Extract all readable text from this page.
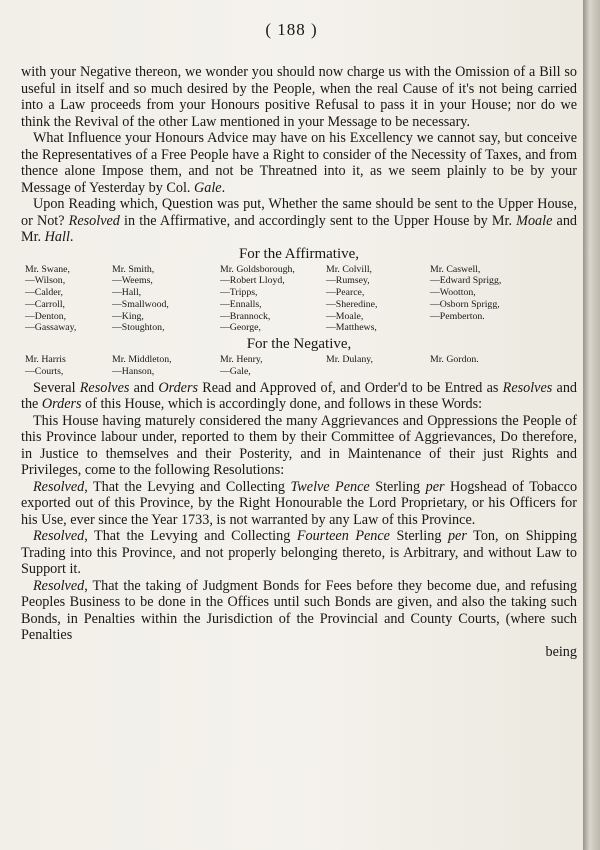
( 188 )

with your Negative thereon, we wonder you should now charge us with the Omission of a Bill so useful in itself and so much desired by the People, when the real Cause of it's not being carried into a Law proceeds from your Honours positive Refusal to pass it in your House; nor do we think the Revival of the other Law mentioned in your Message to be necessary.

What Influence your Honours Advice may have on his Excellency we cannot say, but conceive the Representatives of a Free People have a Right to consider of the Necessity of Taxes, and from thence alone Impose them, and not be Threatned into it, as we seem plainly to be by your Message of Yesterday by Col. Gale.

Upon Reading which, Question was put, Whether the same should be sent to the Upper House, or Not? Resolved in the Affirmative, and accordingly sent to the Upper House by Mr. Moale and Mr. Hall.

For the Affirmative,

Mr. Swane,
—Wilson,
—Calder,
—Carroll,
—Denton,
—Gassaway,
Mr. Smith,
—Weems,
—Hall,
—Smallwood,
—King,
—Stoughton,
Mr. Goldsborough,
—Robert Lloyd,
—Tripps,
—Ennalls,
—Brannock,
—George,
Mr. Colvill,
—Rumsey,
—Pearce,
—Sheredine,
—Moale,
—Matthews,
Mr. Caswell,
—Edward Sprigg,
—Wootton,
—Osborn Sprigg,
—Pemberton.

For the Negative,

Mr. Harris
—Courts,
Mr. Middleton,
—Hanson,
Mr. Henry,
—Gale,
Mr. Dulany,	Mr. Gordon.

Several Resolves and Orders Read and Approved of, and Order'd to be Entred as Resolves and the Orders of this House, which is accordingly done, and follows in these Words:

This House having maturely considered the many Aggrievances and Oppressions the People of this Province labour under, reported to them by their Committee of Aggrievances, Do therefore, in Justice to themselves and their Posterity, and in Maintenance of their just Rights and Privileges, come to the following Resolutions:

Resolved, That the Levying and Collecting Twelve Pence Sterling per Hogshead of Tobacco exported out of this Province, by the Right Honourable the Lord Proprietary, or his Officers for his Use, ever since the Year 1733, is not warranted by any Law of this Province.

Resolved, That the Levying and Collecting Fourteen Pence Sterling per Ton, on Shipping Trading into this Province, and not properly belonging thereto, is Arbitrary, and without Law to Support it.

Resolved, That the taking of Judgment Bonds for Fees before they become due, and refusing Peoples Business to be done in the Offices until such Bonds are given, and also the taking such Bonds, in Penalties within the Jurisdiction of the Provincial and County Courts, (where such Penalties

being
